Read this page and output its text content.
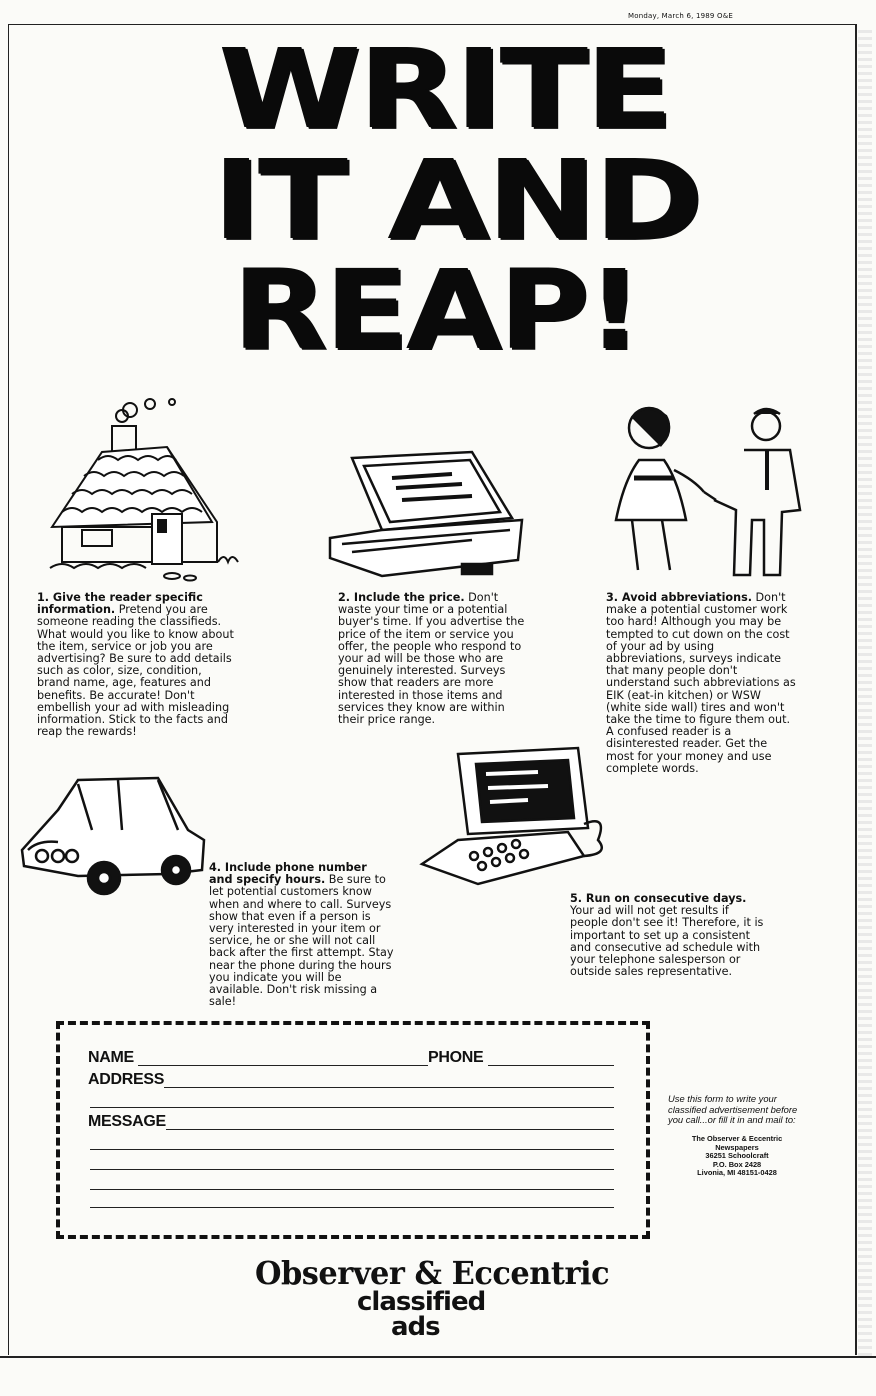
Monday, March 6, 1989 O&E
WRITE
IT AND
REAP!
1. Give the reader specific information. Pretend you are someone reading the classifieds. What would you like to know about the item, service or job you are advertising? Be sure to add details such as color, size, condition, brand name, age, features and benefits. Be accurate! Don't embellish your ad with misleading information. Stick to the facts and reap the rewards!
2. Include the price. Don't waste your time or a potential buyer's time. If you advertise the price of the item or service you offer, the people who respond to your ad will be those who are genuinely interested. Surveys show that readers are more interested in those items and services they know are within their price range.
3. Avoid abbreviations. Don't make a potential customer work too hard! Although you may be tempted to cut down on the cost of your ad by using abbreviations, surveys indicate that many people don't understand such abbreviations as EIK (eat-in kitchen) or WSW (white side wall) tires and won't take the time to figure them out. A confused reader is a disinterested reader. Get the most for your money and use complete words.
4. Include phone number and specify hours. Be sure to let potential customers know when and where to call. Surveys show that even if a person is very interested in your item or service, he or she will not call back after the first attempt. Stay near the phone during the hours you indicate you will be available. Don't risk missing a sale!
5. Run on consecutive days.
Your ad will not get results if people don't see it! Therefore, it is important to set up a consistent and consecutive ad schedule with your telephone salesperson or outside sales representative.
NAME	PHONE
ADDRESS
MESSAGE
Use this form to write your classified advertisement before you call...or fill it in and mail to:
The Observer & Eccentric
Newspapers
36251 Schoolcraft
P.O. Box 2428
Livonia, MI 48151-0428
Observer & Eccentric
classified
ads
